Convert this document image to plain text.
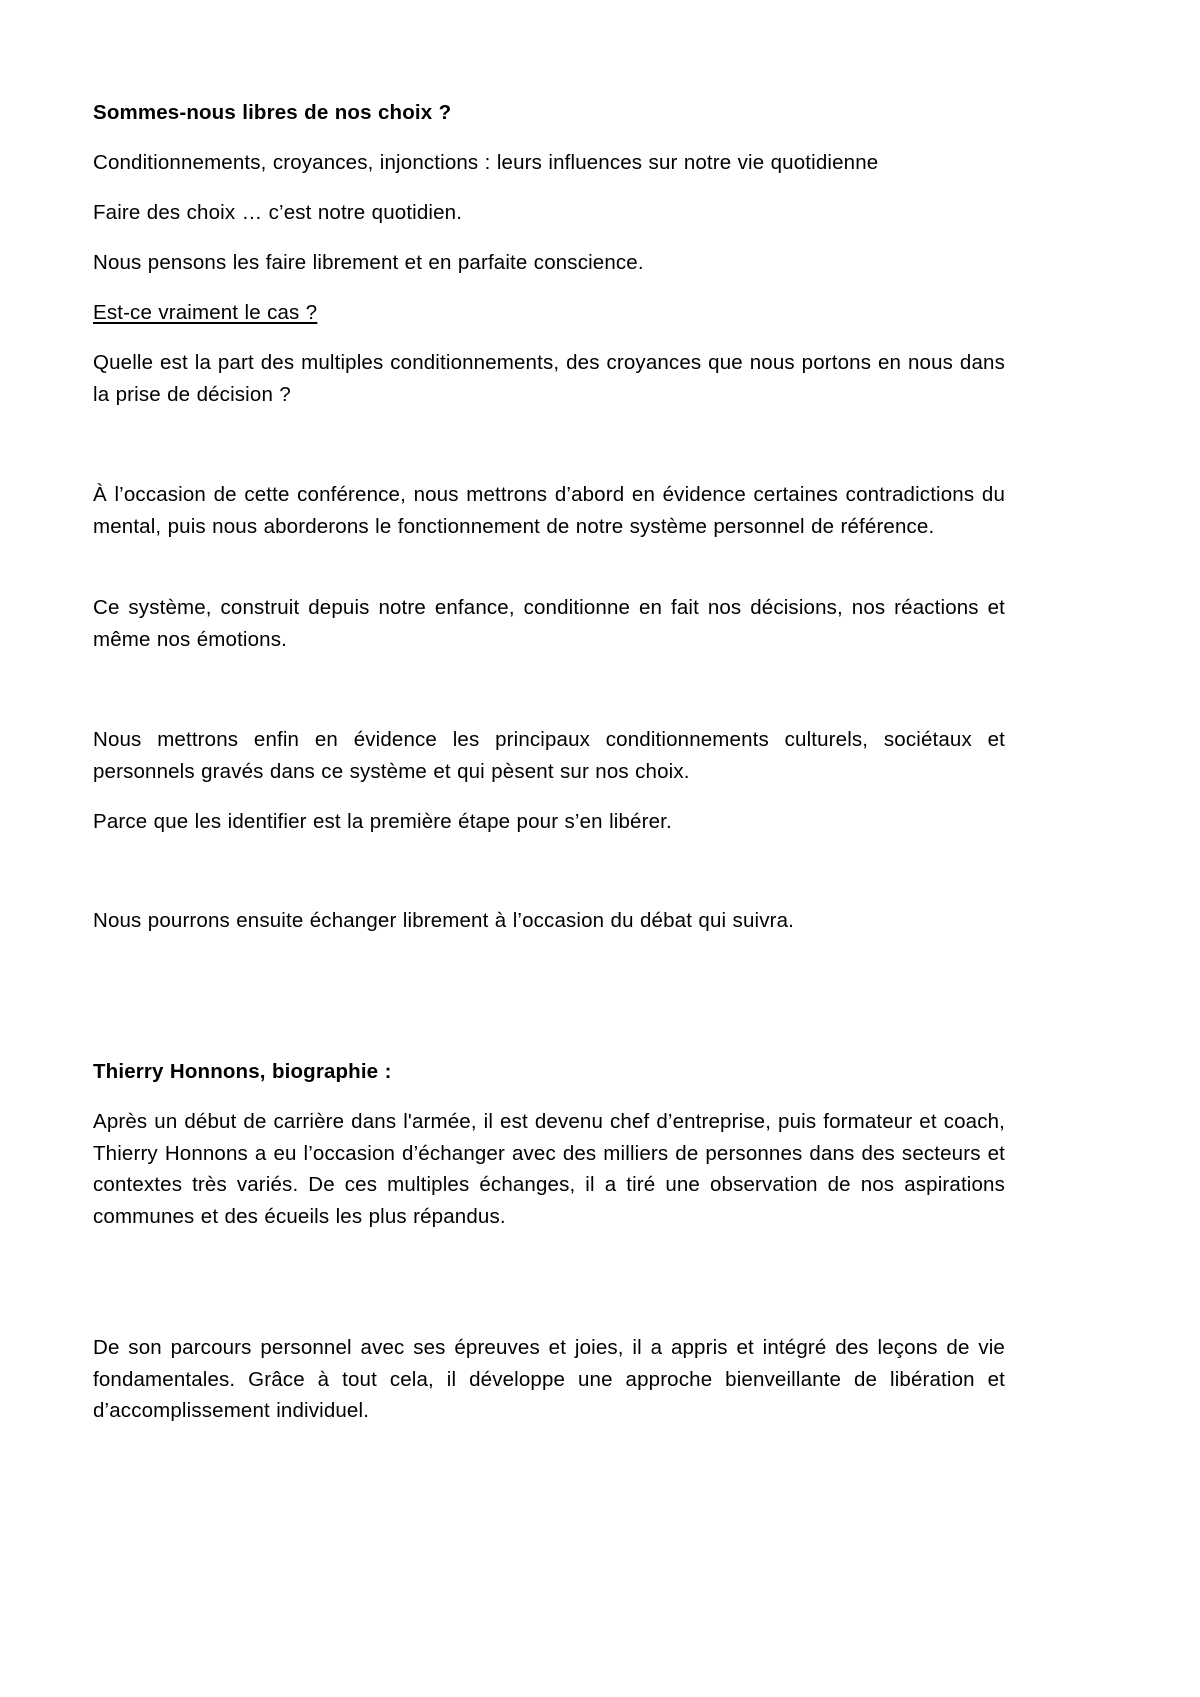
Sommes-nous libres de nos choix ?

Conditionnements, croyances, injonctions : leurs influences sur notre vie quotidienne

Faire des choix … c’est notre quotidien.

Nous pensons les faire librement et en parfaite conscience.

Est-ce vraiment le cas ?

Quelle est la part des multiples conditionnements, des croyances que nous portons en nous dans la prise de décision ?

À l’occasion de cette conférence, nous mettrons d’abord en évidence certaines contradictions du mental, puis nous aborderons le fonctionnement de notre système personnel de référence.

Ce système, construit depuis notre enfance, conditionne en fait nos décisions, nos réactions et même nos émotions.

Nous mettrons enfin en évidence les principaux conditionnements culturels, sociétaux et personnels gravés dans ce système et qui pèsent sur nos choix.

Parce que les identifier est la première étape pour s’en libérer.

Nous pourrons ensuite échanger librement à l’occasion du débat qui suivra.

Thierry Honnons, biographie :

Après un début de carrière dans l'armée, il est devenu chef d’entreprise, puis formateur et coach, Thierry Honnons a eu l’occasion d’échanger avec des milliers de personnes dans des secteurs et contextes très variés. De ces multiples échanges, il a tiré une observation de nos aspirations communes et des écueils les plus répandus.

De son parcours personnel avec ses épreuves et joies, il a appris et intégré des leçons de vie fondamentales. Grâce à tout cela, il développe une approche bienveillante de libération et d’accomplissement individuel.
